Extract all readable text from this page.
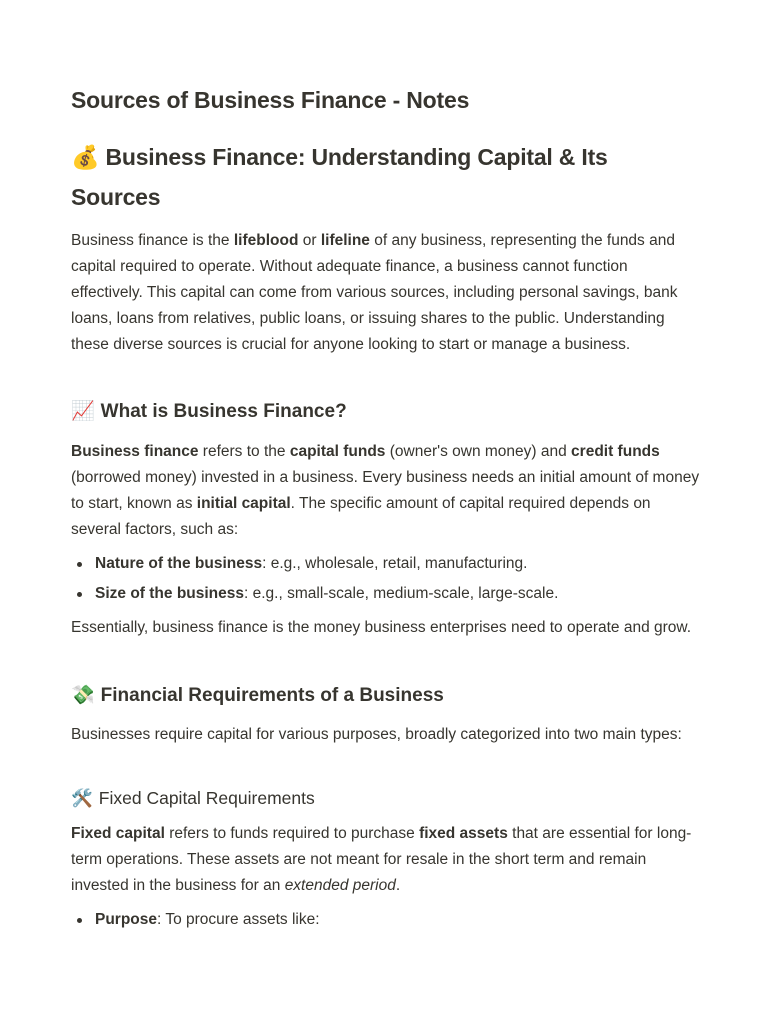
Sources of Business Finance - Notes
💰 Business Finance: Understanding Capital & Its Sources

Business finance is the lifeblood or lifeline of any business, representing the funds and capital required to operate. Without adequate finance, a business cannot function effectively. This capital can come from various sources, including personal savings, bank loans, loans from relatives, public loans, or issuing shares to the public. Understanding these diverse sources is crucial for anyone looking to start or manage a business.

📈 What is Business Finance?

Business finance refers to the capital funds (owner's own money) and credit funds (borrowed money) invested in a business. Every business needs an initial amount of money to start, known as initial capital. The specific amount of capital required depends on several factors, such as:

Nature of the business: e.g., wholesale, retail, manufacturing.
Size of the business: e.g., small-scale, medium-scale, large-scale.

Essentially, business finance is the money business enterprises need to operate and grow.

💸 Financial Requirements of a Business

Businesses require capital for various purposes, broadly categorized into two main types:

🛠️ Fixed Capital Requirements

Fixed capital refers to funds required to purchase fixed assets that are essential for long-term operations. These assets are not meant for resale in the short term and remain invested in the business for an extended period.

Purpose: To procure assets like:
